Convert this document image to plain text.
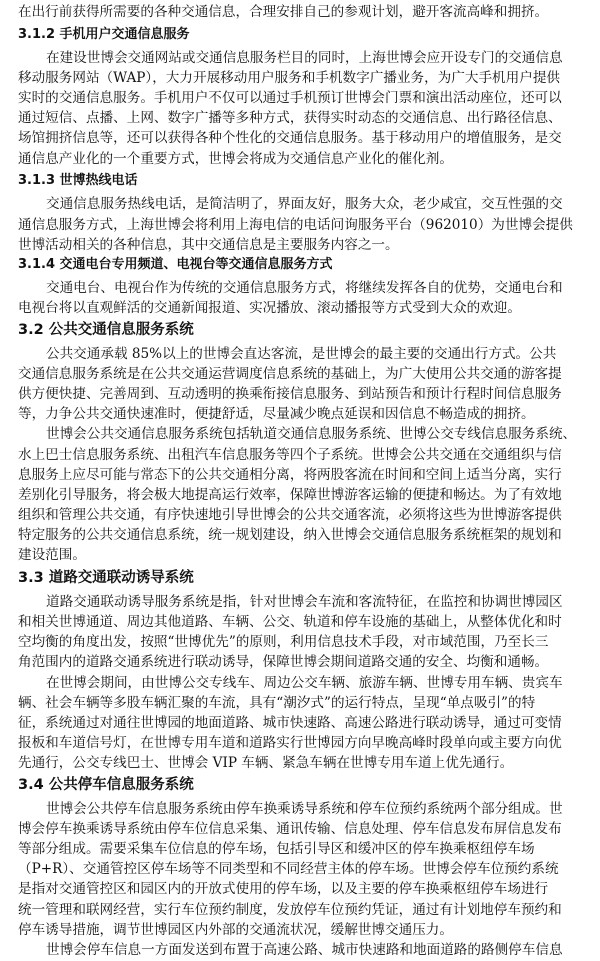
在出行前获得所需要的各种交通信息，合理安排自己的参观计划，避开客流高峰和拥挤。
3.1.2 手机用户交通信息服务
在建设世博会交通网站或交通信息服务栏目的同时，上海世博会应开设专门的交通信息
移动服务网站（WAP），大力开展移动用户服务和手机数字广播业务，为广大手机用户提供
实时的交通信息服务。手机用户不仅可以通过手机预订世博会门票和演出活动座位，还可以
通过短信、点播、上网、数字广播等多种方式，获得实时动态的交通信息、出行路径信息、
场馆拥挤信息等，还可以获得各种个性化的交通信息服务。基于移动用户的增值服务，是交
通信息产业化的一个重要方式，世博会将成为交通信息产业化的催化剂。
3.1.3 世博热线电话
交通信息服务热线电话，是简洁明了，界面友好，服务大众，老少咸宜，交互性强的交
通信息服务方式，上海世博会将利用上海电信的电话问询服务平台（962010）为世博会提供
世博活动相关的各种信息，其中交通信息是主要服务内容之一。
3.1.4 交通电台专用频道、电视台等交通信息服务方式
交通电台、电视台作为传统的交通信息服务方式，将继续发挥各自的优势，交通电台和
电视台将以直观鲜活的交通新闻报道、实况播放、滚动播报等方式受到大众的欢迎。
3.2 公共交通信息服务系统
公共交通承载 85%以上的世博会直达客流，是世博会的最主要的交通出行方式。公共
交通信息服务系统是在公共交通运营调度信息系统的基础上，为广大使用公共交通的游客提
供方便快捷、完善周到、互动透明的换乘衔接信息服务、到站预告和预计行程时间信息服务
等，力争公共交通快速准时，便捷舒适，尽量减少晚点延误和因信息不畅造成的拥挤。
世博会公共交通信息服务系统包括轨道交通信息服务系统、世博公交专线信息服务系统、
水上巴士信息服务系统、出租汽车信息服务等四个子系统。世博会公共交通在交通组织与信
息服务上应尽可能与常态下的公共交通相分离，将两股客流在时间和空间上适当分离，实行
差别化引导服务，将会极大地提高运行效率，保障世博游客运输的便捷和畅达。为了有效地
组织和管理公共交通，有序快速地引导世博会的公共交通客流，必须将这些为世博游客提供
特定服务的公共交通信息系统，统一规划建设，纳入世博会交通信息服务系统框架的规划和
建设范围。
3.3 道路交通联动诱导系统
道路交通联动诱导服务系统是指，针对世博会车流和客流特征，在监控和协调世博园区
和相关世博通道、周边其他道路、车辆、公交、轨道和停车设施的基础上，从整体优化和时
空均衡的角度出发，按照“世博优先”的原则，利用信息技术手段，对市域范围，乃至长三
角范围内的道路交通系统进行联动诱导，保障世博会期间道路交通的安全、均衡和通畅。
在世博会期间，由世博公交专线车、周边公交车辆、旅游车辆、世博专用车辆、贵宾车
辆、社会车辆等多股车辆汇聚的车流，具有“潮汐式”的运行特点，呈现“单点吸引”的特
征，系统通过对通往世博园的地面道路、城市快速路、高速公路进行联动诱导，通过可变情
报板和车道信号灯，在世博专用车道和道路实行世博园方向早晚高峰时段单向或主要方向优
先通行，公交专线巴士、世博会 VIP 车辆、紧急车辆在世博专用车道上优先通行。
3.4 公共停车信息服务系统
世博会公共停车信息服务系统由停车换乘诱导系统和停车位预约系统两个部分组成。世
博会停车换乘诱导系统由停车位信息采集、通讯传输、信息处理、停车信息发布屏信息发布
等部分组成。需要采集车位信息的停车场，包括引导区和缓冲区的停车换乘枢纽停车场
（P+R）、交通管控区停车场等不同类型和不同经营主体的停车场。世博会停车位预约系统
是指对交通管控区和园区内的开放式使用的停车场，以及主要的停车换乘枢纽停车场进行
统一管理和联网经营，实行车位预约制度，发放停车位预约凭证，通过有计划地停车预约和
停车诱导措施，调节世博园区内外部的交通流状况，缓解世博交通压力。
世博会停车信息一方面发送到布置于高速公路、城市快速路和地面道路的路侧停车信息
